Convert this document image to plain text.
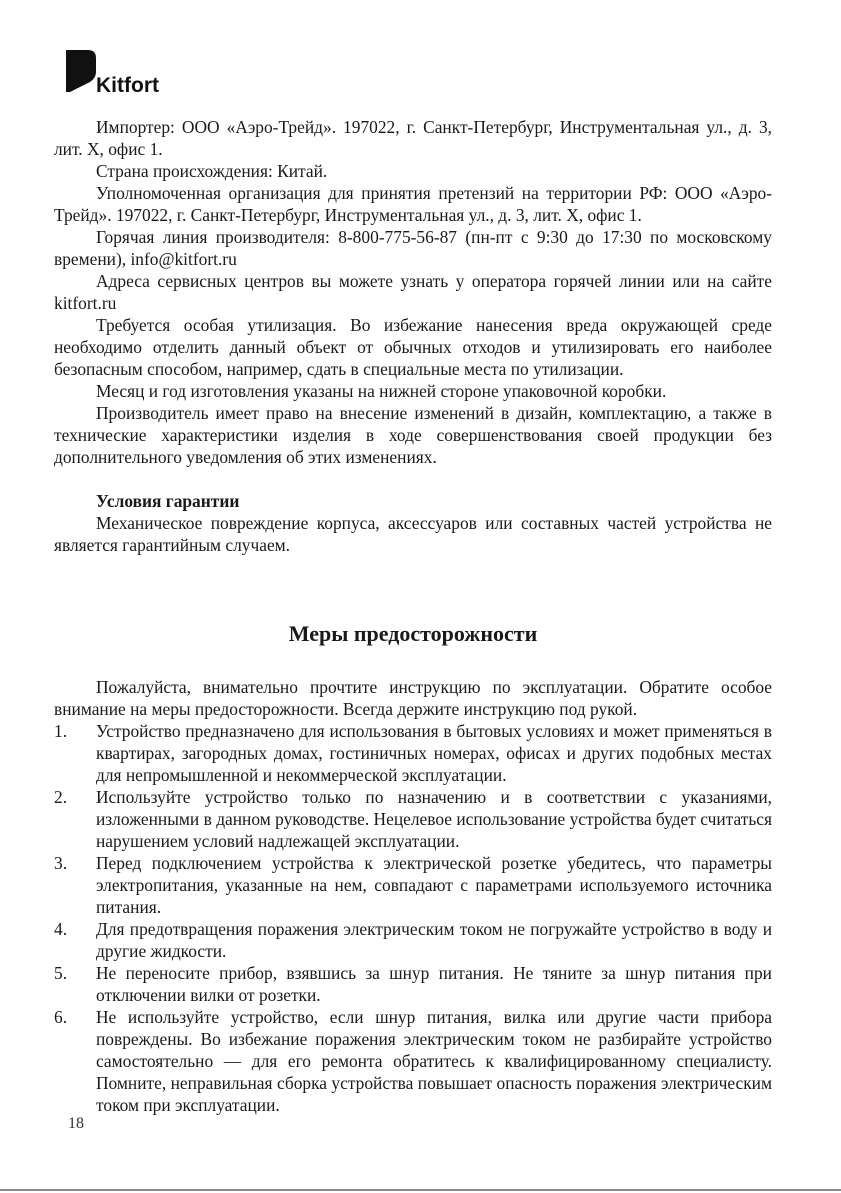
Kitfort

Импортер: ООО «Аэро-Трейд». 197022, г. Санкт-Петербург, Инструментальная ул., д. 3, лит. Х, офис 1.

Страна происхождения: Китай.

Уполномоченная организация для принятия претензий на территории РФ: ООО «Аэро-Трейд». 197022, г. Санкт-Петербург, Инструментальная ул., д. 3, лит. Х, офис 1.

Горячая линия производителя: 8-800-775-56-87 (пн-пт с 9:30 до 17:30 по московскому времени), info@kitfort.ru

Адреса сервисных центров вы можете узнать у оператора горячей линии или на сайте kitfort.ru

Требуется особая утилизация. Во избежание нанесения вреда окружающей среде необходимо отделить данный объект от обычных отходов и утилизировать его наиболее безопасным способом, например, сдать в специальные места по утилизации.

Месяц и год изготовления указаны на нижней стороне упаковочной коробки.

Производитель имеет право на внесение изменений в дизайн, комплектацию, а также в технические характеристики изделия в ходе совершенствования своей продукции без дополнительного уведомления об этих изменениях.

Условия гарантии

Механическое повреждение корпуса, аксессуаров или составных частей устройства не является гарантийным случаем.

Меры предосторожности

Пожалуйста, внимательно прочтите инструкцию по эксплуатации. Обратите особое внимание на меры предосторожности. Всегда держите инструкцию под рукой.

1. Устройство предназначено для использования в бытовых условиях и может применяться в квартирах, загородных домах, гостиничных номерах, офисах и других подобных местах для непромышленной и некоммерческой эксплуатации.
2. Используйте устройство только по назначению и в соответствии с указаниями, изложенными в данном руководстве. Нецелевое использование устройства будет считаться нарушением условий надлежащей эксплуатации.
3. Перед подключением устройства к электрической розетке убедитесь, что параметры электропитания, указанные на нем, совпадают с параметрами используемого источника питания.
4. Для предотвращения поражения электрическим током не погружайте устройство в воду и другие жидкости.
5. Не переносите прибор, взявшись за шнур питания. Не тяните за шнур питания при отключении вилки от розетки.
6. Не используйте устройство, если шнур питания, вилка или другие части прибора повреждены. Во избежание поражения электрическим током не разбирайте устройство самостоятельно — для его ремонта обратитесь к квалифицированному специалисту. Помните, неправильная сборка устройства повышает опасность поражения электрическим током при эксплуатации.
18
